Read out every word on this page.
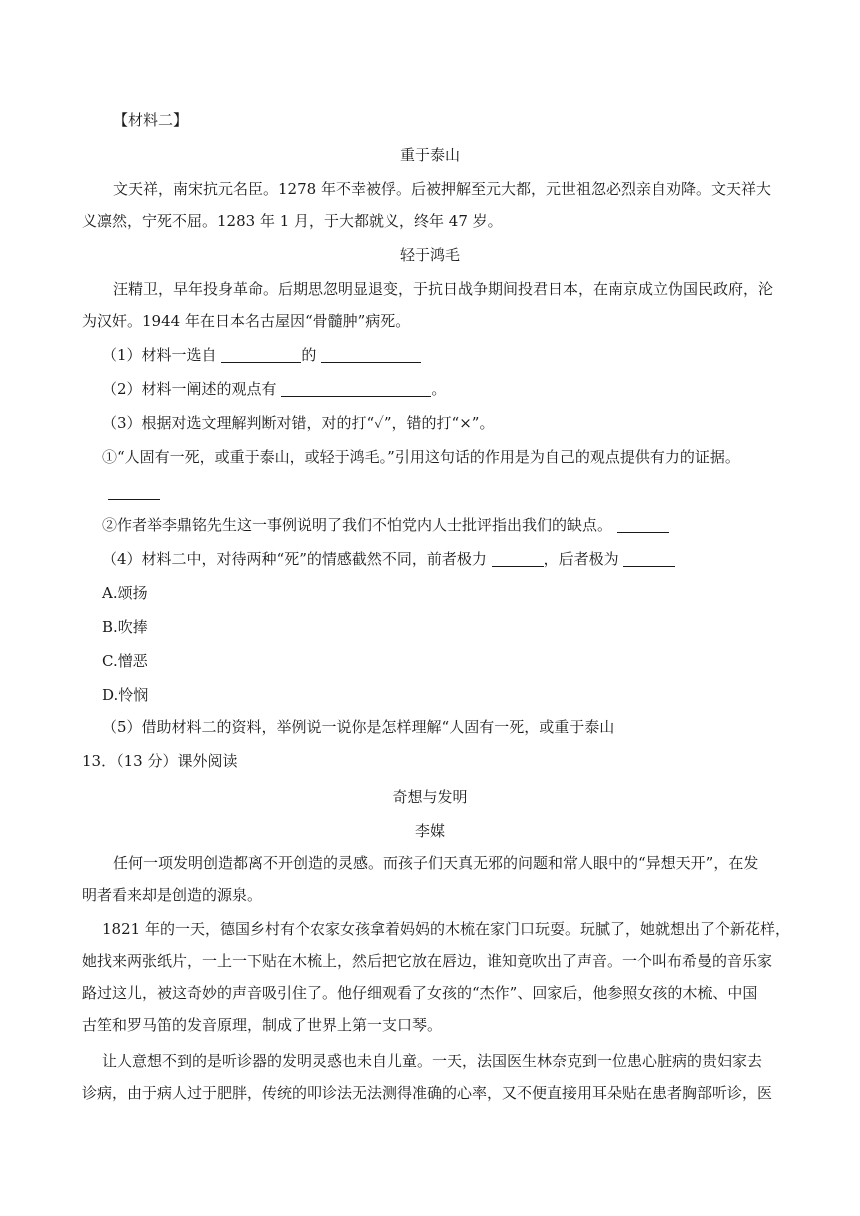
【材料二】
重于泰山
文天祥，南宋抗元名臣。1278 年不幸被俘。后被押解至元大都，元世祖忽必烈亲自劝降。文天祥大
义凛然，宁死不屈。1283 年 1 月，于大都就义，终年 47 岁。
轻于鸿毛
汪精卫，早年投身革命。后期思忽明显退变，于抗日战争期间投君日本，在南京成立伪国民政府，沦
为汉奸。1944 年在日本名古屋因“骨髓肿”病死。
（1）材料一选自	的
（2）材料一阐述的观点有	。
（3）根据对选文理解判断对错，对的打“✓”，错的打“×”。
①“人固有一死，或重于泰山，或轻于鸿毛。”引用这句话的作用是为自己的观点提供有力的证据。
②作者举李鼎铭先生这一事例说明了我们不怕党内人士批评指出我们的缺点。
（4）材料二中，对待两种“死”的情感截然不同，前者极力	，后者极为
A.颂扬
B.吹捧
C.憎恶
D.怜悯
（5）借助材料二的资料，举例说一说你是怎样理解“人固有一死，或重于泰山
13．（13 分）课外阅读
奇想与发明
李媒
任何一项发明创造都离不开创造的灵感。而孩子们天真无邪的问题和常人眼中的“异想天开”，在发
明者看来却是创造的源泉。
1821 年的一天，德国乡村有个农家女孩拿着妈妈的木梳在家门口玩耍。玩腻了，她就想出了个新花样，
她找来两张纸片，一上一下贴在木梳上，然后把它放在唇边，谁知竟吹出了声音。一个叫布希曼的音乐家
路过这儿，被这奇妙的声音吸引住了。他仔细观看了女孩的“杰作”、回家后，他参照女孩的木梳、中国
古笙和罗马笛的发音原理，制成了世界上第一支口琴。
让人意想不到的是听诊器的发明灵惑也未自儿童。一天，法国医生林奈克到一位患心脏病的贵妇家去
诊病，由于病人过于肥胖，传统的叩诊法无法测得准确的心率，又不便直接用耳朵贴在患者胸部听诊，医
